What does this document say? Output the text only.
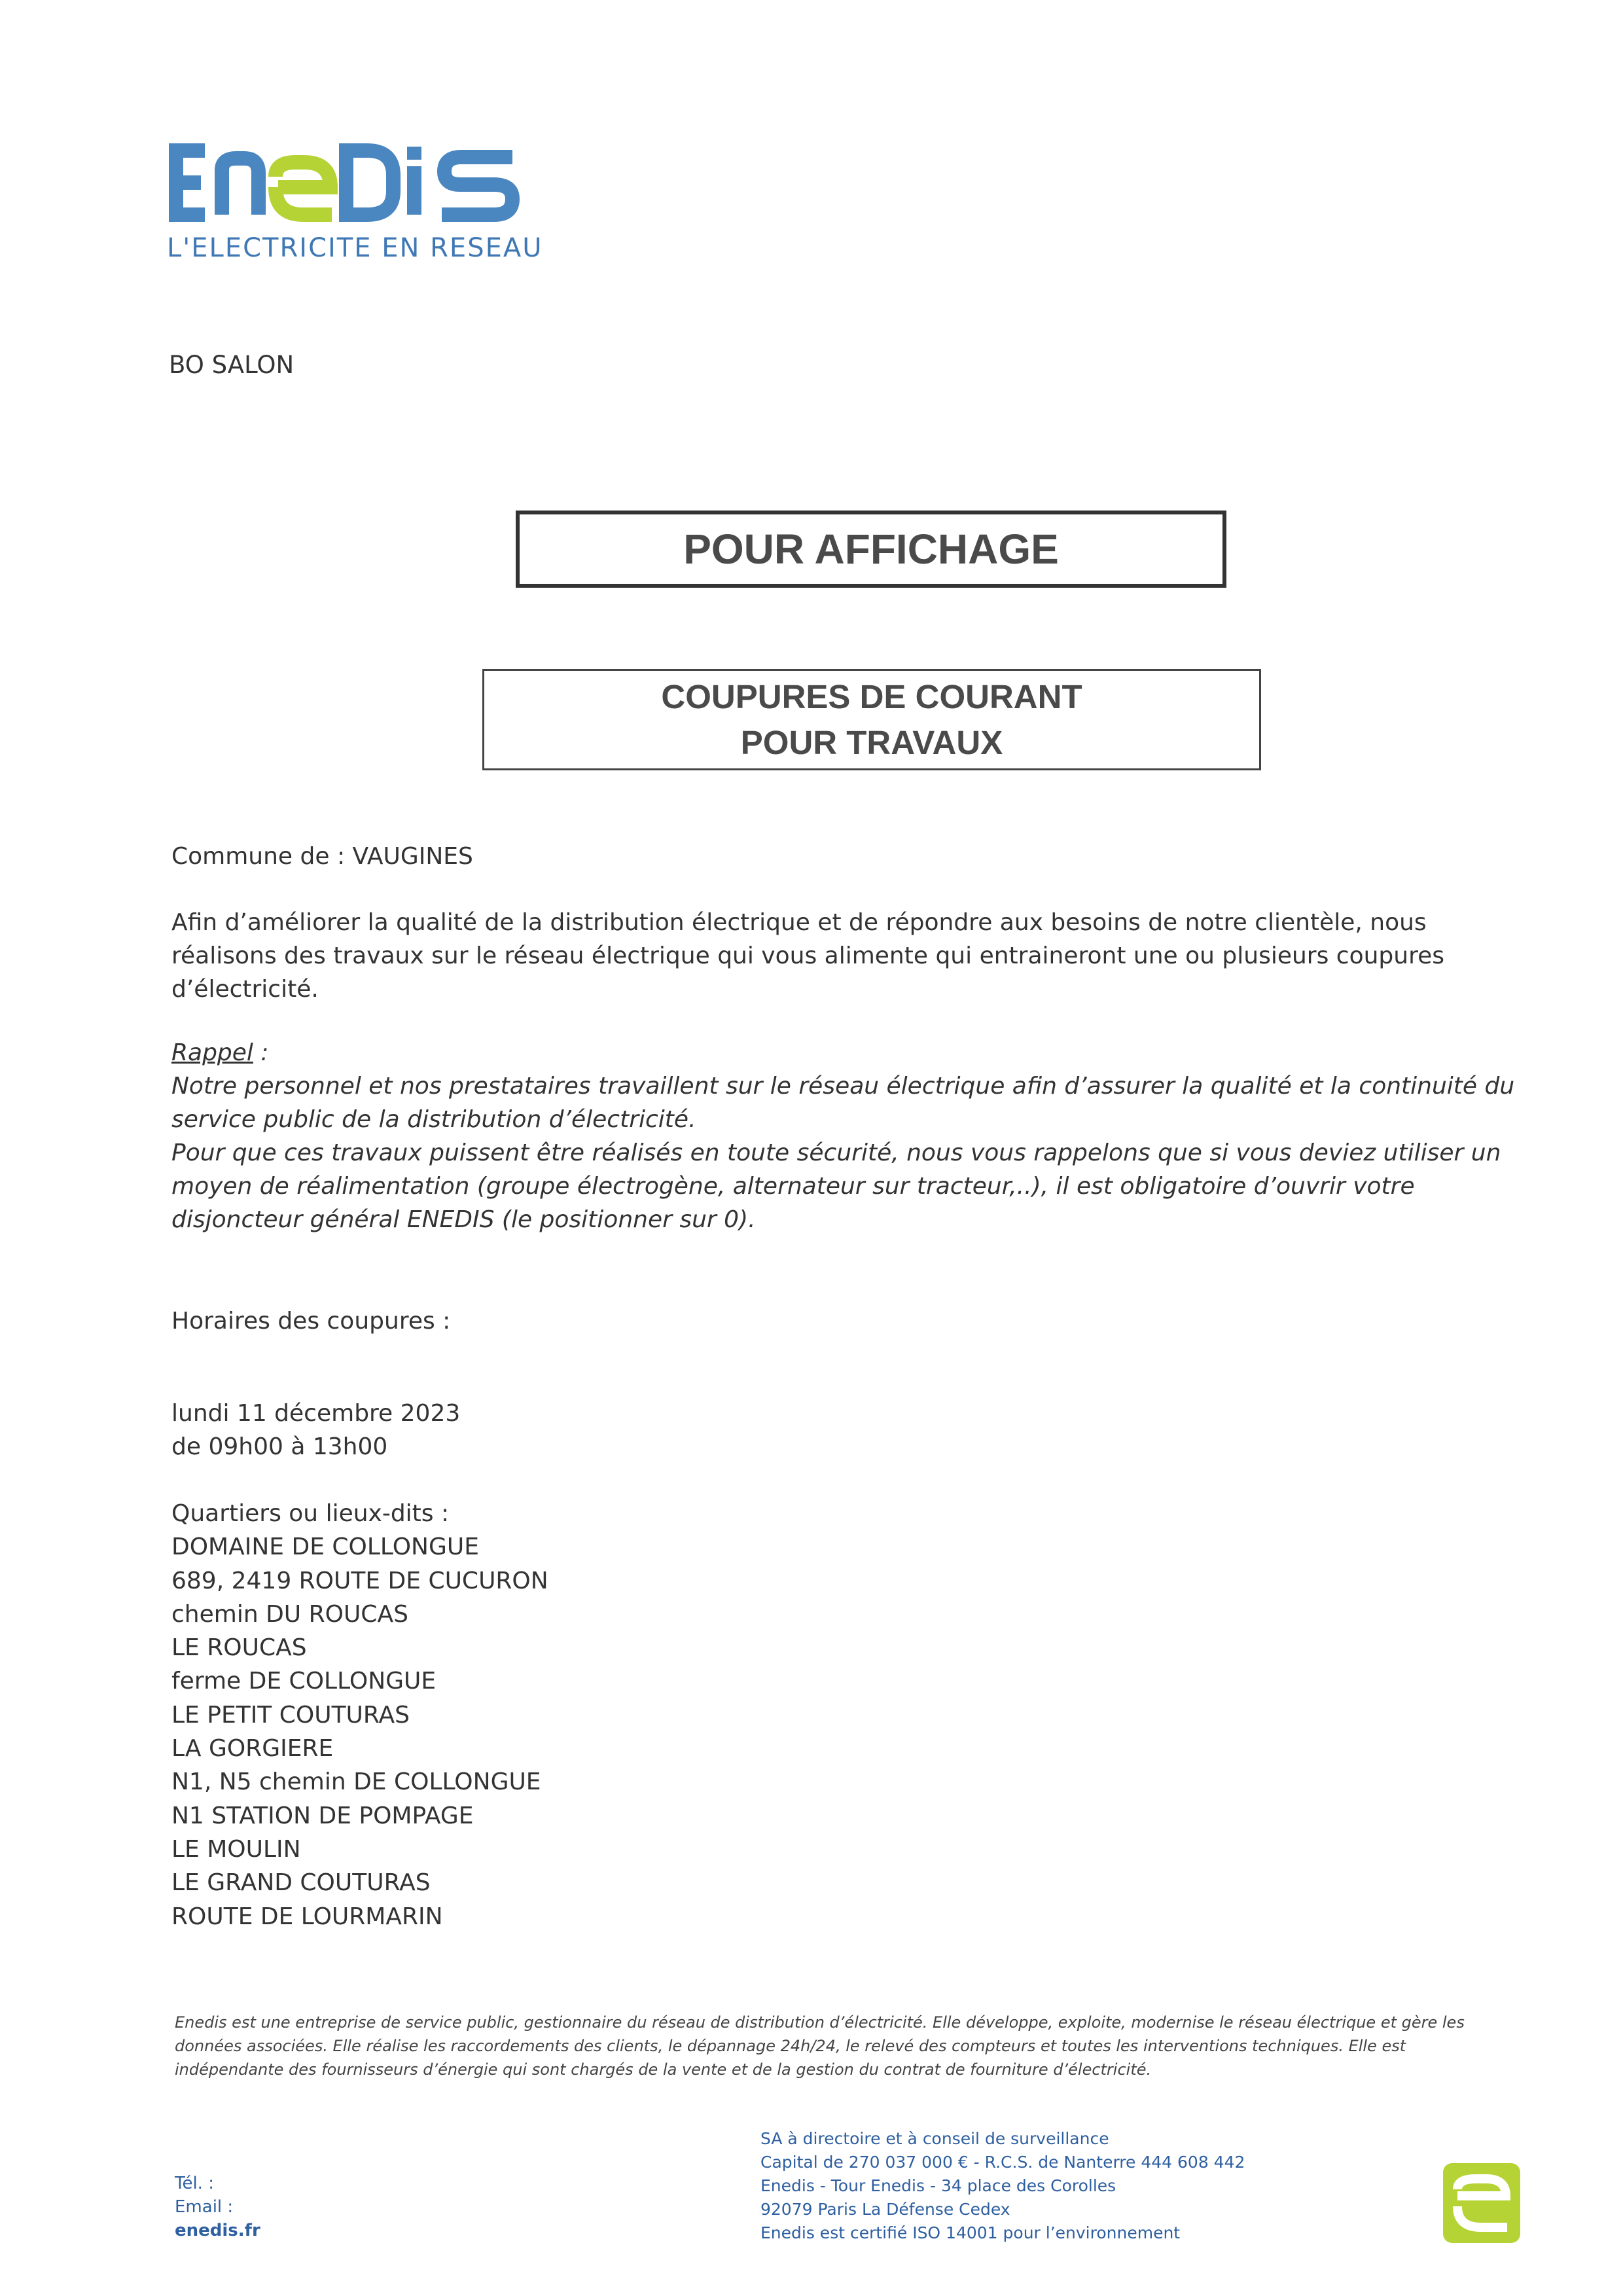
L'ELECTRICITE EN RESEAU
BO SALON
POUR AFFICHAGE
COUPURES DE COURANT
POUR TRAVAUX
Commune de : VAUGINES
Afin d’améliorer la qualité de la distribution électrique et de répondre aux besoins de notre clientèle, nous réalisons des travaux sur le réseau électrique qui vous alimente qui entraineront une ou plusieurs coupures d’électricité.
Rappel :
Notre personnel et nos prestataires travaillent sur le réseau électrique afin d’assurer la qualité et la continuité du service public de la distribution d’électricité.
Pour que ces travaux puissent être réalisés en toute sécurité, nous vous rappelons que si vous deviez utiliser un moyen de réalimentation (groupe électrogène, alternateur sur tracteur,..), il est obligatoire d’ouvrir votre disjoncteur général ENEDIS (le positionner sur 0).
Horaires des coupures :
lundi 11 décembre 2023
de 09h00 à 13h00
Quartiers ou lieux-dits :
DOMAINE DE COLLONGUE
689, 2419 ROUTE DE CUCURON
chemin DU ROUCAS
LE ROUCAS
ferme DE COLLONGUE
LE PETIT COUTURAS
LA GORGIERE
N1, N5 chemin DE COLLONGUE
N1 STATION DE POMPAGE
LE MOULIN
LE GRAND COUTURAS
ROUTE DE LOURMARIN
Enedis est une entreprise de service public, gestionnaire du réseau de distribution d’électricité. Elle développe, exploite, modernise le réseau électrique et gère les données associées. Elle réalise les raccordements des clients, le dépannage 24h/24, le relevé des compteurs et toutes les interventions techniques. Elle est indépendante des fournisseurs d’énergie qui sont chargés de la vente et de la gestion du contrat de fourniture d’électricité.
Tél. :
Email :
enedis.fr
SA à directoire et à conseil de surveillance
Capital de 270 037 000 € - R.C.S. de Nanterre 444 608 442
Enedis - Tour Enedis - 34 place des Corolles
92079 Paris La Défense Cedex
Enedis est certifié ISO 14001 pour l’environnement
